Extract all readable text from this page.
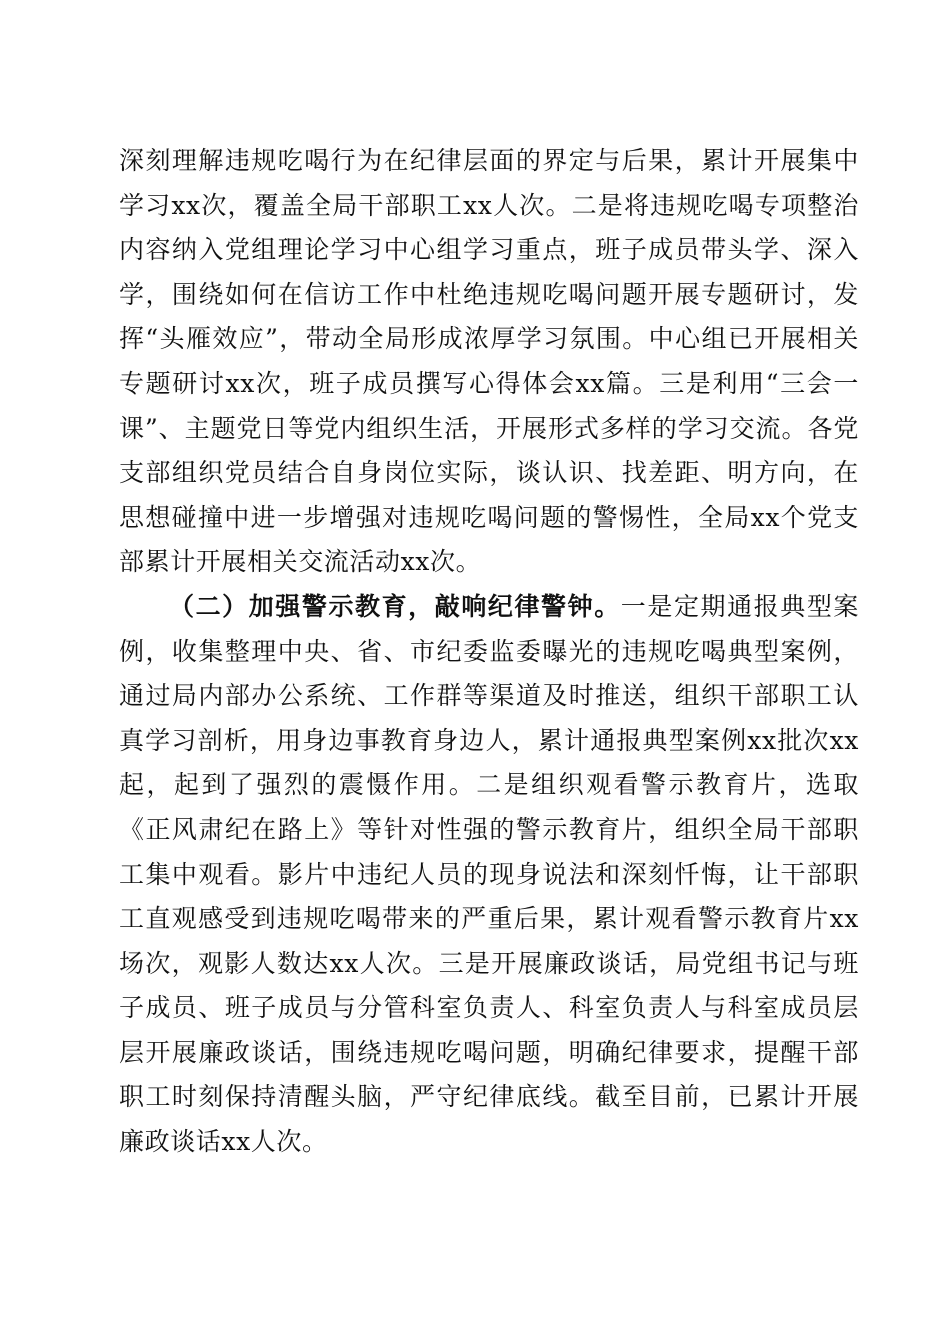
深刻理解违规吃喝行为在纪律层面的界定与后果，累计开展集中学习xx次，覆盖全局干部职工xx人次。二是将违规吃喝专项整治内容纳入党组理论学习中心组学习重点，班子成员带头学、深入学，围绕如何在信访工作中杜绝违规吃喝问题开展专题研讨，发挥“头雁效应”，带动全局形成浓厚学习氛围。中心组已开展相关专题研讨xx次，班子成员撰写心得体会xx篇。三是利用“三会一课”、主题党日等党内组织生活，开展形式多样的学习交流。各党支部组织党员结合自身岗位实际，谈认识、找差距、明方向，在思想碰撞中进一步增强对违规吃喝问题的警惕性，全局xx个党支部累计开展相关交流活动xx次。

（二）加强警示教育，敲响纪律警钟。一是定期通报典型案例，收集整理中央、省、市纪委监委曝光的违规吃喝典型案例，通过局内部办公系统、工作群等渠道及时推送，组织干部职工认真学习剖析，用身边事教育身边人，累计通报典型案例xx批次xx起，起到了强烈的震慑作用。二是组织观看警示教育片，选取《正风肃纪在路上》等针对性强的警示教育片，组织全局干部职工集中观看。影片中违纪人员的现身说法和深刻忏悔，让干部职工直观感受到违规吃喝带来的严重后果，累计观看警示教育片xx场次，观影人数达xx人次。三是开展廉政谈话，局党组书记与班子成员、班子成员与分管科室负责人、科室负责人与科室成员层层开展廉政谈话，围绕违规吃喝问题，明确纪律要求，提醒干部职工时刻保持清醒头脑，严守纪律底线。截至目前，已累计开展廉政谈话xx人次。
